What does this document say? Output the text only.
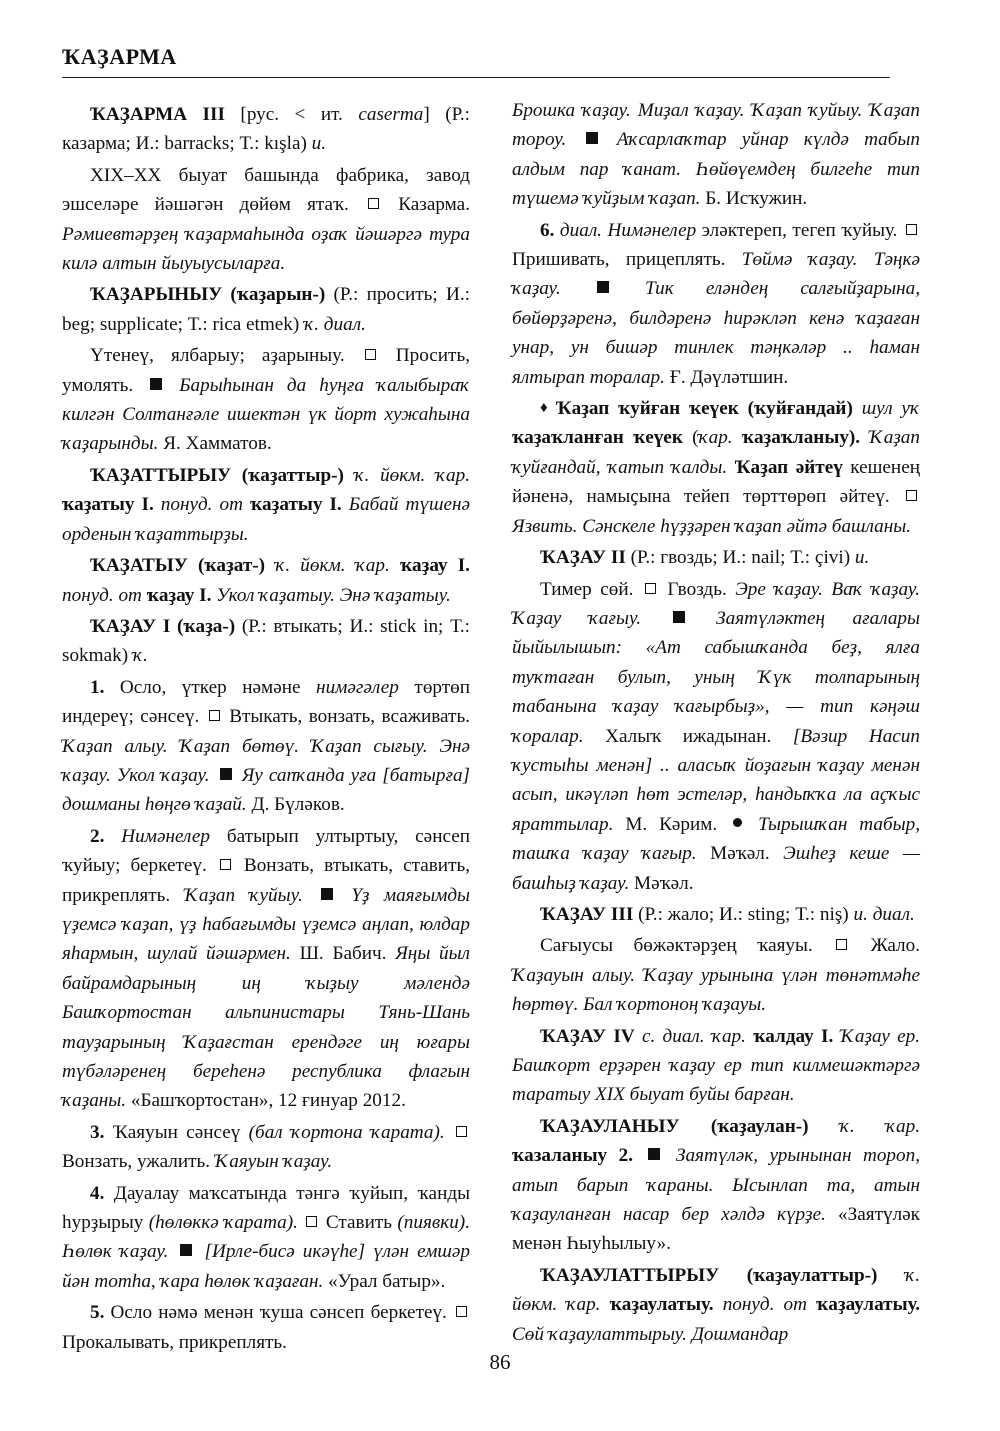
ҠАҘАРМА

ҠАҘАРМА III [рус. < ит. caserma] (Р.: казарма; И.: barracks; Т.: kışla) и.

XIX–XX быуат башында фабрика, завод эшселәре йәшәгән дөйөм ятаҡ.  Казарма. Рәмиевтәрҙең ҡаҙармаһында оҙаҡ йәшәргә тура килә алтын йыуыусыларға.

ҠАҘАРЫНЫУ (ҡаҙарын-) (Р.: просить; И.: beg; supplicate; Т.: rica etmek) ҡ. диал.

Үтенеү, ялбарыу; аҙарыныу.  Просить, умолять.  Барыһынан да һуңға ҡалыбыраҡ килгән Солтанғәле ишектән үк йорт хужаһына ҡаҙарынды. Я. Хамматов.

ҠАҘАТТЫРЫУ (ҡаҙаттыр-) ҡ. йөкм. ҡар. ҡаҙатыу I. понуд. от ҡаҙатыу I. Бабай түшенә орденын ҡаҙаттырҙы.

ҠАҘАТЫУ (ҡаҙат-) ҡ. йөкм. ҡар. ҡаҙау I. понуд. от ҡаҙау I. Укол ҡаҙатыу. Энә ҡаҙатыу.

ҠАҘАУ I (ҡаҙа-) (Р.: втыкать; И.: stick in; Т.: sokmak) ҡ.

1. Осло, үткер нәмәне нимәгәлер төртөп индереү; сәнсеү.  Втыкать, вонзать, всаживать. Ҡаҙап алыу. Ҡаҙап бөтөү. Ҡаҙап сығыу. Энә ҡаҙау. Укол ҡаҙау. Яу сапҡанда уға [батырға] дошманы һөңгө ҡаҙай. Д. Бүләков.

2. Нимәнелер батырып ултыртыу, сәнсеп ҡуйыу; беркетеү.  Вонзать, втыкать, ставить, прикреплять. Ҡаҙап ҡуйыу.	Үҙ маяғымды үҙемсә ҡаҙап, үҙ һабағымды үҙемсә аңлап, юлдар яһармын, шулай йәшәрмен. Ш. Бабич. Яңы йыл байрамдарының иң ҡыҙыу мәлендә Башҡортостан альпинистары Тянь-Шань тауҙарының Ҡаҙағстан ерендәге иң юғары түбәләренең береһенә республика флагын ҡаҙаны. «Башҡортостан», 12 ғинуар 2012.

3. Ҡаяуын сәнсеү (бал ҡортона ҡарата).  Вонзать, ужалить. Ҡаяуын ҡаҙау.

4. Дауалау маҡсатында тәнгә ҡуйып, ҡанды һурҙырыу (һөлөккә ҡарата).  Ставить (пиявки). Һөлөк ҡаҙау. [Ирле-бисә икәүһе] үлән емшәр йән тотһа, ҡара һөлөк ҡаҙаған. «Урал батыр».

5. Осло нәмә менән ҡуша сәнсеп беркетеү.  Прокалывать, прикреплять.

Брошка ҡаҙау. Миҙал ҡаҙау. Ҡаҙап ҡуйыу. Ҡаҙап тороу.	Аҡсарлаҡтар уйнар күлдә табып алдым пар ҡанат. Һөйөүемдең билгеһе тип түшемә ҡуйҙым ҡаҙап. Б. Исҡужин.

6. диал. Нимәнелер эләктереп, тегеп ҡуйыу.  Пришивать, прицеплять. Төймә ҡаҙау. Тәңкә ҡаҙау.	Тик еләндең салғыйҙарына, бөйөрҙәренә, билдәренә һирәкләп кенә ҡаҙаған унар, ун бишәр тинлек тәңкәләр .. һаман ялтырап торалар. Ғ. Дәүләтшин.

♦ Ҡаҙап ҡуйған ҡеүек (ҡуйғандай) шул уҡ ҡаҙаҡланған ҡеүек (ҡар. ҡаҙаҡланыу). Ҡаҙап ҡуйғандай, ҡатып ҡалды. Ҡаҙап әйтеү кешенең йәненә, намыҫына тейеп төрттөрөп әйтеү.  Язвить. Сәнскеле һүҙҙәрен ҡаҙап әйтә башланы.

ҠАҘАУ II (Р.: гвоздь; И.: nail; Т.: çivi) и.

Тимер сөй.  Гвоздь. Эре ҡаҙау. Ваҡ ҡаҙау. Ҡаҙау ҡағыу.	Заятүләктең ағалары йыйылышып: «Ат сабышҡанда беҙ, ялға туҡтаған булып, уның Ҡүк толпарының табанына ҡаҙау ҡағырбыҙ», — тип кәңәш ҡоралар. Халыҡ ижадынан. [Вәзир Насип ҡустыһы менән] .. аласыҡ йоҙағын ҡаҙау менән асып, икәүләп һөт эстеләр, һандыҡҡа ла аҫҡыс яраттылар. М. Кәрим.  Тырышҡан табыр, ташҡа ҡаҙау ҡағыр. Мәҡәл. Эшһеҙ кеше — башһыҙ ҡаҙау. Мәҡәл.

ҠАҘАУ III (Р.: жало; И.: sting; Т.: niş) и. диал.

Сағыусы бөжәктәрҙең ҡаяуы.  Жало. Ҡаҙауын алыу. Ҡаҙау урынына үлән төнәтмәһе һөртөү. Бал ҡортоноң ҡаҙауы.

ҠАҘАУ IV с. диал. ҡар. ҡалдау I. Ҡаҙау ер. Башҡорт ерҙәрен ҡаҙау ер тип килмешәктәргә таратыу XIX быуат буйы барған.

ҠАҘАУЛАНЫУ (ҡаҙаулан-) ҡ. ҡар. ҡазаланыу 2. Заятүләк, урынынан тороп, атып барып ҡараны. Ысынлап та, атын ҡаҙауланған насар бер хәлдә күрҙе. «Заятүләк менән Һыуһылыу».

ҠАҘАУЛАТТЫРЫУ (ҡаҙаулаттыр-) ҡ. йөкм. ҡар. ҡаҙаулатыу. понуд. от ҡаҙаулатыу. Сөй ҡаҙаулаттырыу. Дошмандар

86
